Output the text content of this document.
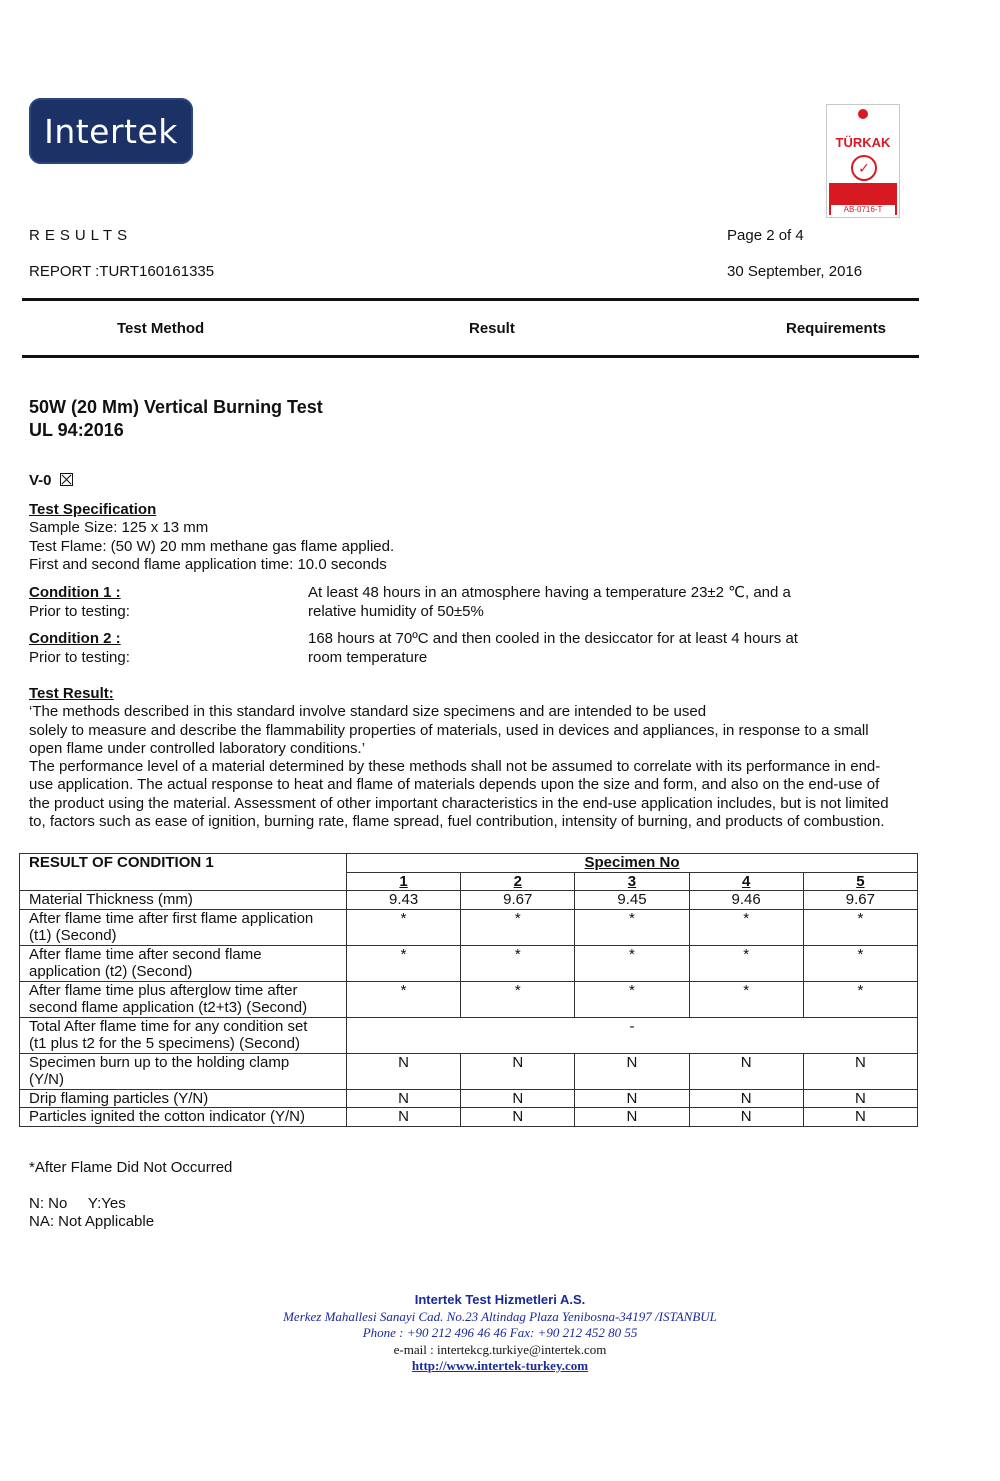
Intertek	TÜRKAK
✓
AB-0716-T
RESULTS	Page 2 of 4
REPORT :TURT160161335	30 September, 2016
Test Method	Result	Requirements
50W (20 Mm) Vertical Burning Test
UL 94:2016
V-0
Test Specification
Sample Size: 125 x 13 mm
Test Flame: (50 W) 20 mm methane gas flame applied.
First and second flame application time: 10.0 seconds
Condition 1 :
Prior to testing:
At least 48 hours in an atmosphere having a temperature 23±2 ℃, and a
relative humidity of 50±5%
Condition 2 :
Prior to testing:
168 hours at 70ºC and then cooled in the desiccator for at least 4 hours at
room temperature
Test Result:
‘The methods described in this standard involve standard size specimens and are intended to be used
solely to measure and describe the flammability properties of materials, used in devices and appliances, in response to a small
open flame under controlled laboratory conditions.’
The performance level of a material determined by these methods shall not be assumed to correlate with its performance in end-
use application. The actual response to heat and flame of materials depends upon the size and form, and also on the end-use of
the product using the material. Assessment of other important characteristics in the end-use application includes, but is not limited
to, factors such as ease of ignition, burning rate, flame spread, fuel contribution, intensity of burning, and products of combustion.
RESULT OF CONDITION 1	Specimen No				
	1	2	3	4	5
Material Thickness (mm)	9.43	9.67	9.45	9.46	9.67

After flame time after first flame application
(t1) (Second)	*	*	*	*	*

After flame time after second flame
application (t2) (Second)	*	*	*	*	*

After flame time plus afterglow time after
second flame application (t2+t3) (Second)	*	*	*	*	*

Total After flame time for any condition set
(t1 plus t2 for the 5 specimens) (Second)	-				

Specimen burn up to the holding clamp
(Y/N)	N	N	N	N	N
Drip flaming particles (Y/N)	N	N	N	N	N
Particles ignited the cotton indicator (Y/N)	N	N	N	N	N
*After Flame Did Not Occurred
N: No     Y:Yes
NA: Not Applicable
Intertek Test Hizmetleri A.S.
Merkez Mahallesi Sanayi Cad. No.23 Altindag Plaza Yenibosna-34197 /ISTANBUL
Phone : +90 212 496 46 46 Fax: +90 212 452 80 55
e-mail : intertekcg.turkiye@intertek.com
http://www.intertek-turkey.com
